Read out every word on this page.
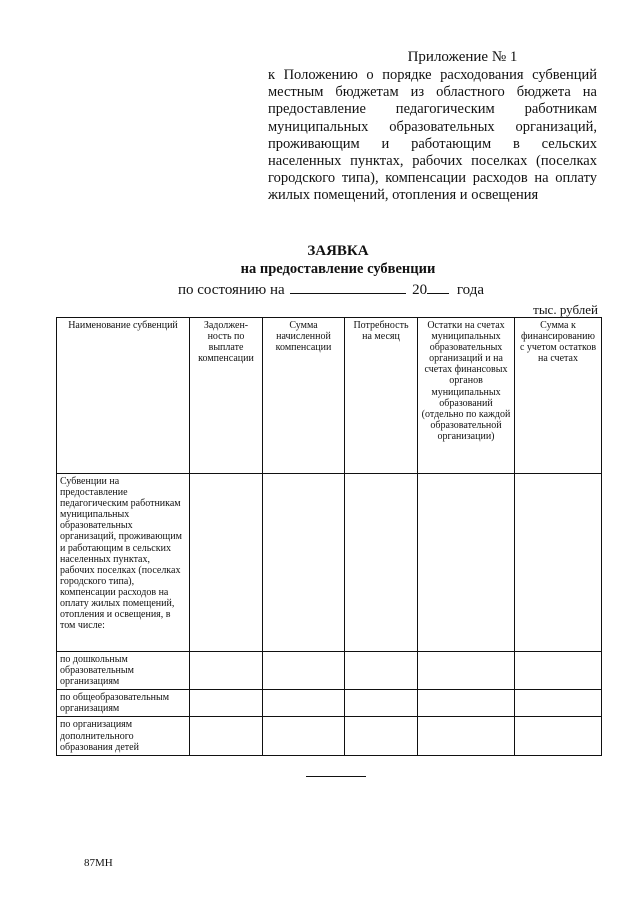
Приложение № 1
к Положению о порядке расходования субвенций местным бюджетам из областного бюджета на предоставление педагогическим работникам муниципальных образовательных организаций, проживающим и работающим в сельских населенных пунктах, рабочих поселках (поселках городского типа), компенсации расходов на оплату жилых помещений, отопления и освещения
ЗАЯВКА
на предоставление субвенции
по состоянию на	20 года
тыс. рублей
Наименование субвенций	Задолжен-ность по выплате компенсации	Сумма начисленной компенсации	Потребность на месяц	Остатки на счетах муниципальных образовательных организаций и на счетах финансовых органов муниципальных образований (отдельно по каждой образовательной организации)	Сумма к финансированию с учетом остатков на счетах
Субвенции на предоставление педагогическим работникам муниципальных образовательных организаций, проживающим и работающим в сельских населенных пунктах, рабочих поселках (поселках городского типа), компенсации расходов на оплату жилых помещений, отопления и освещения, в том числе:					
по дошкольным образовательным организациям					
по общеобразовательным организациям					
по организациям дополнительного образования детей					
87МН
